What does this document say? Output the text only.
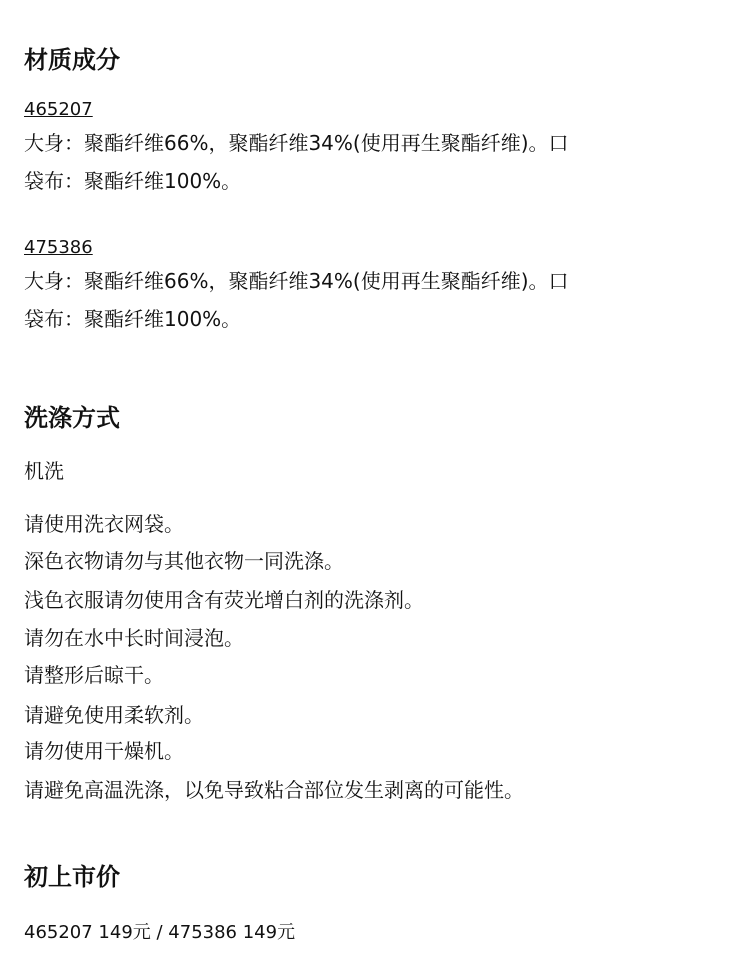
材质成分
465207
大身：聚酯纤维66%，聚酯纤维34%(使用再生聚酯纤维)。口
袋布：聚酯纤维100%。
475386
大身：聚酯纤维66%，聚酯纤维34%(使用再生聚酯纤维)。口
袋布：聚酯纤维100%。
洗涤方式
机洗
请使用洗衣网袋。
深色衣物请勿与其他衣物一同洗涤。
浅色衣服请勿使用含有荧光增白剂的洗涤剂。
请勿在水中长时间浸泡。
请整形后晾干。
请避免使用柔软剂。
请勿使用干燥机。
请避免高温洗涤，以免导致粘合部位发生剥离的可能性。
初上市价
465207 149元 / 475386 149元
